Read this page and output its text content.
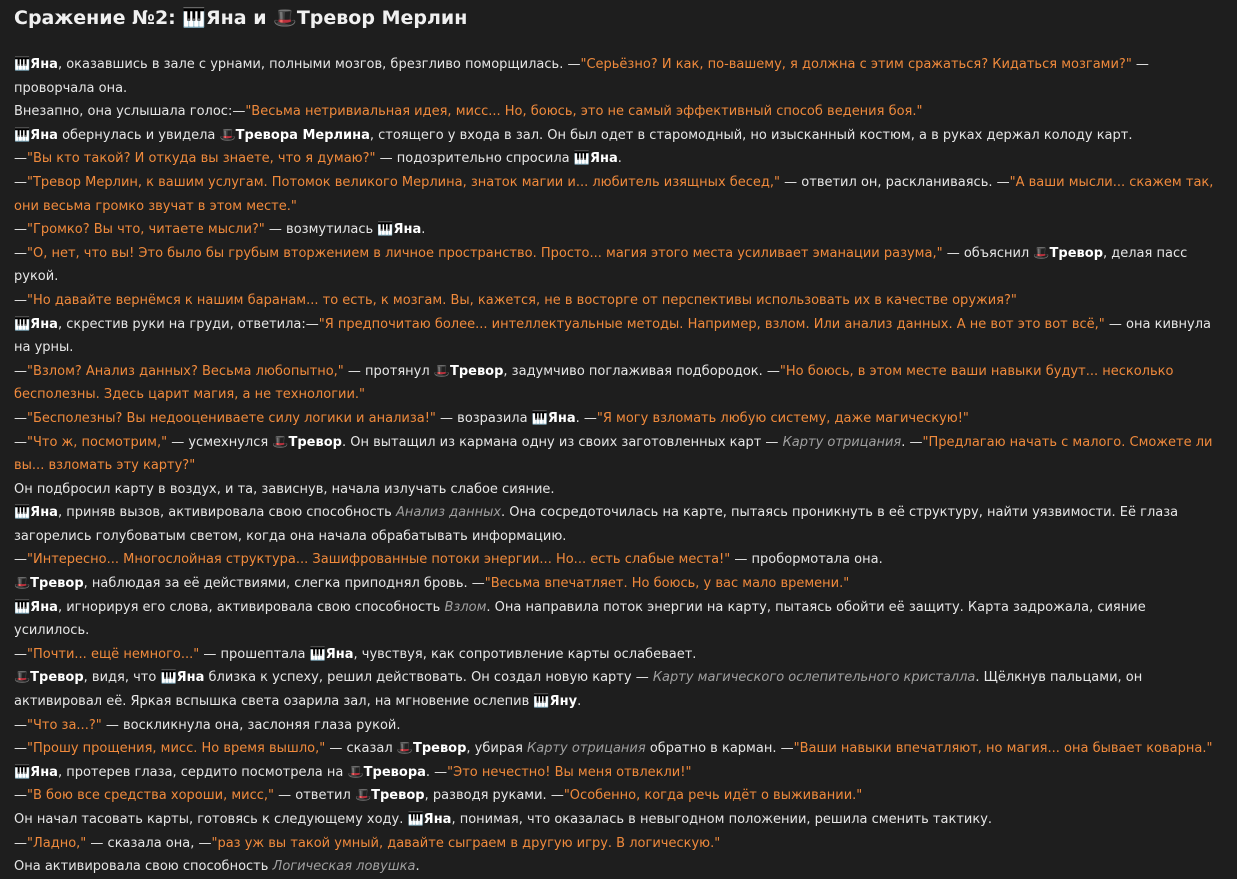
Сражение №2: 🎹Яна и 🎩Тревор Мерлин

🎹Яна, оказавшись в зале с урнами, полными мозгов, брезгливо поморщилась. —"Серьёзно? И как, по-вашему, я должна с этим сражаться? Кидаться мозгами?" — проворчала она.

Внезапно, она услышала голос:—"Весьма нетривиальная идея, мисс... Но, боюсь, это не самый эффективный способ ведения боя."

🎹Яна обернулась и увидела 🎩Тревора Мерлина, стоящего у входа в зал. Он был одет в старомодный, но изысканный костюм, а в руках держал колоду карт.

—"Вы кто такой? И откуда вы знаете, что я думаю?" — подозрительно спросила 🎹Яна.

—"Тревор Мерлин, к вашим услугам. Потомок великого Мерлина, знаток магии и... любитель изящных бесед," — ответил он, раскланиваясь. —"А ваши мысли... скажем так, они весьма громко звучат в этом месте."

—"Громко? Вы что, читаете мысли?" — возмутилась 🎹Яна.

—"О, нет, что вы! Это было бы грубым вторжением в личное пространство. Просто... магия этого места усиливает эманации разума," — объяснил 🎩Тревор, делая пасс рукой.

—"Но давайте вернёмся к нашим баранам... то есть, к мозгам. Вы, кажется, не в восторге от перспективы использовать их в качестве оружия?"

🎹Яна, скрестив руки на груди, ответила:—"Я предпочитаю более... интеллектуальные методы. Например, взлом. Или анализ данных. А не вот это вот всё," — она кивнула на урны.

—"Взлом? Анализ данных? Весьма любопытно," — протянул 🎩Тревор, задумчиво поглаживая подбородок. —"Но боюсь, в этом месте ваши навыки будут... несколько бесполезны. Здесь царит магия, а не технологии."

—"Бесполезны? Вы недооцениваете силу логики и анализа!" — возразила 🎹Яна. —"Я могу взломать любую систему, даже магическую!"

—"Что ж, посмотрим," — усмехнулся 🎩Тревор. Он вытащил из кармана одну из своих заготовленных карт — Карту отрицания. —"Предлагаю начать с малого. Сможете ли вы... взломать эту карту?"

Он подбросил карту в воздух, и та, зависнув, начала излучать слабое сияние.

🎹Яна, приняв вызов, активировала свою способность Анализ данных. Она сосредоточилась на карте, пытаясь проникнуть в её структуру, найти уязвимости. Её глаза загорелись голубоватым светом, когда она начала обрабатывать информацию.

—"Интересно... Многослойная структура... Зашифрованные потоки энергии... Но... есть слабые места!" — пробормотала она.

🎩Тревор, наблюдая за её действиями, слегка приподнял бровь. —"Весьма впечатляет. Но боюсь, у вас мало времени."

🎹Яна, игнорируя его слова, активировала свою способность Взлом. Она направила поток энергии на карту, пытаясь обойти её защиту. Карта задрожала, сияние усилилось.

—"Почти... ещё немного..." — прошептала 🎹Яна, чувствуя, как сопротивление карты ослабевает.

🎩Тревор, видя, что 🎹Яна близка к успеху, решил действовать. Он создал новую карту — Карту магического ослепительного кристалла. Щёлкнув пальцами, он активировал её. Яркая вспышка света озарила зал, на мгновение ослепив 🎹Яну.

—"Что за...?" — воскликнула она, заслоняя глаза рукой.

—"Прошу прощения, мисс. Но время вышло," — сказал 🎩Тревор, убирая Карту отрицания обратно в карман. —"Ваши навыки впечатляют, но магия... она бывает коварна."

🎹Яна, протерев глаза, сердито посмотрела на 🎩Тревора. —"Это нечестно! Вы меня отвлекли!"

—"В бою все средства хороши, мисс," — ответил 🎩Тревор, разводя руками. —"Особенно, когда речь идёт о выживании."

Он начал тасовать карты, готовясь к следующему ходу. 🎹Яна, понимая, что оказалась в невыгодном положении, решила сменить тактику.

—"Ладно," — сказала она, —"раз уж вы такой умный, давайте сыграем в другую игру. В логическую."

Она активировала свою способность Логическая ловушка.
